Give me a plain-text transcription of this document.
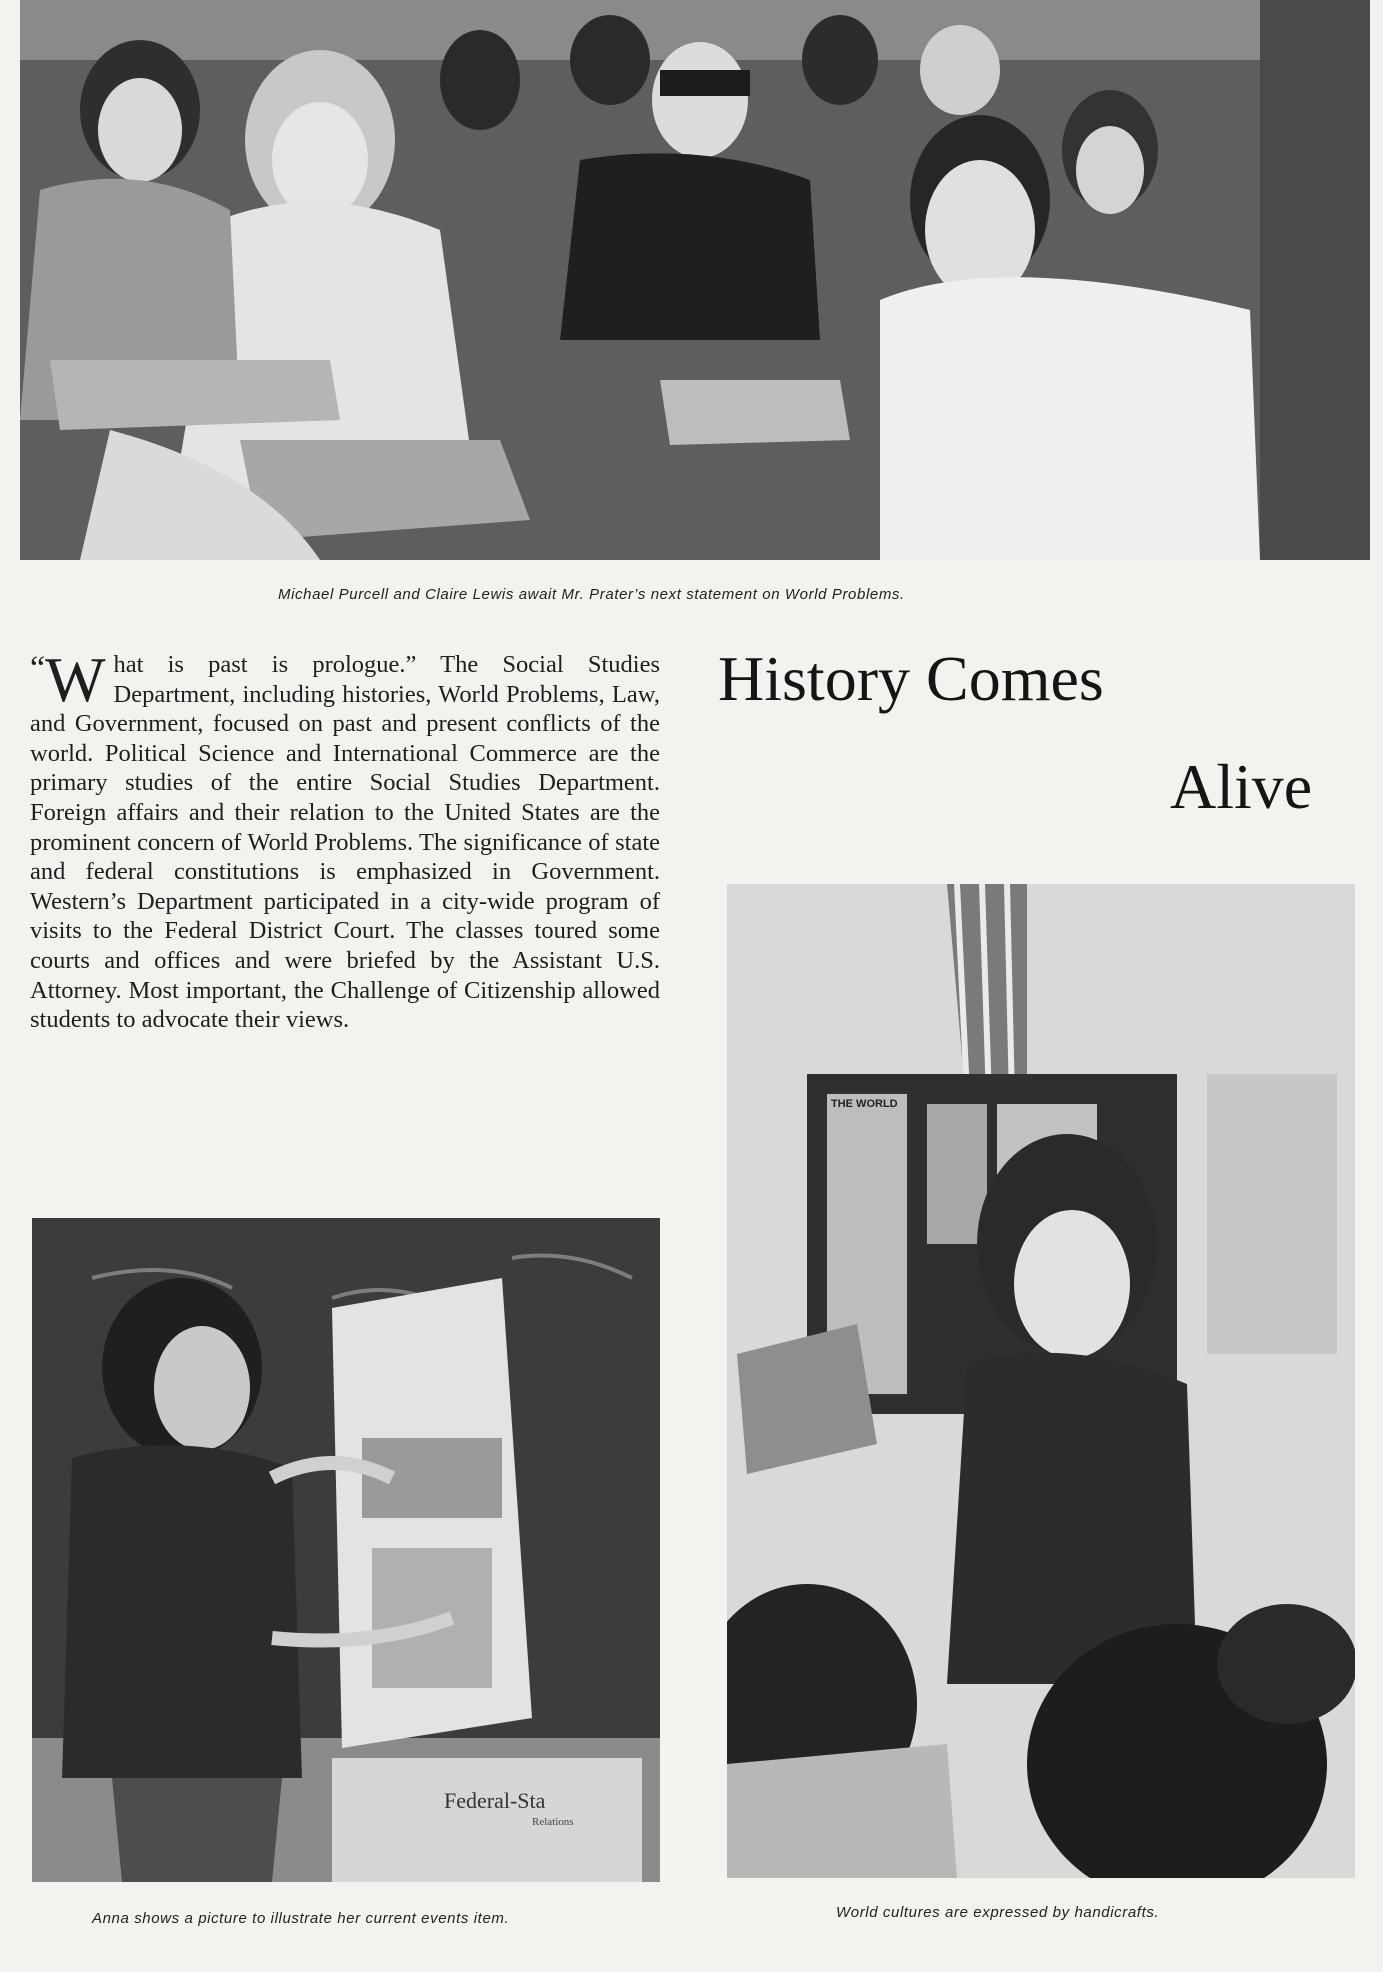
Michael Purcell and Claire Lewis await Mr. Prater’s next statement on World Problems.
History Comes
Alive
“ W hat is past is prologue.” The Social Studies Department, including histories, World Problems, Law, and Government, focused on past and present conflicts of the world. Political Science and International Commerce are the primary studies of the entire Social Studies Department. Foreign affairs and their relation to the United States are the prominent concern of World Problems. The significance of state and federal constitutions is emphasized in Government. Western’s Department participated in a city-wide program of visits to the Federal District Court. The classes toured some courts and offices and were briefed by the Assistant U.S. Attorney. Most important, the Challenge of Citizenship allowed students to advocate their views.
Federal-Sta
Relations
Anna shows a picture to illustrate her current events item.
THE WORLD
World cultures are expressed by handicrafts.
